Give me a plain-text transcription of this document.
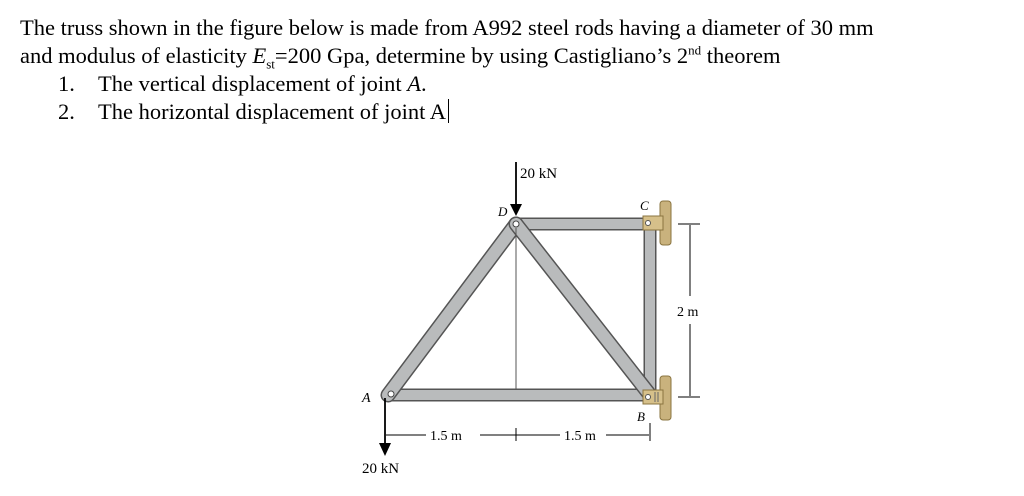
The truss shown in the figure below is made from A992 steel rods having a diameter of 30 mm
and modulus of elasticity $E_{st}=200$ Gpa, determine by using Castigliano’s 2nd theorem
1. The vertical displacement of joint A.
2. The horizontal displacement of joint A
20 kN
20 kN
A
B
C
D
1.5 m	1.5 m
2 m
